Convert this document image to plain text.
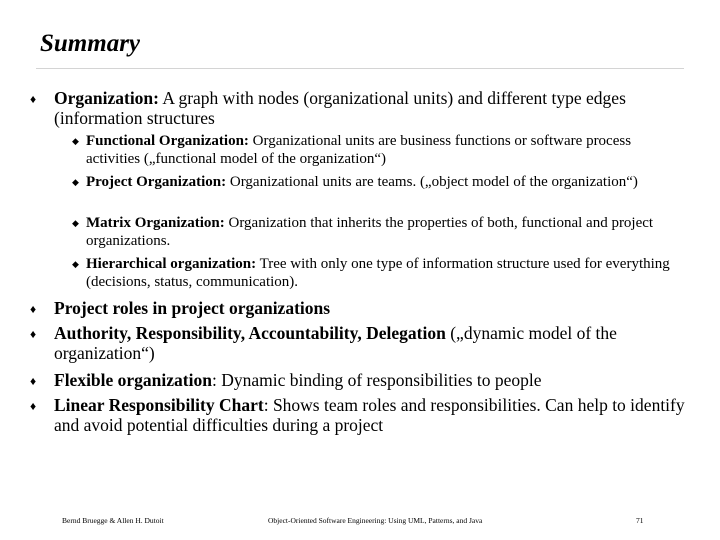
Summary
♦ Organization: A graph with nodes (organizational units) and different type edges (information structures
◆ Functional Organization: Organizational units are business functions or software process activities („functional model of the organization“)
◆ Project Organization: Organizational units are teams. („object model of the organization“)
◆ Matrix Organization: Organization that inherits the properties of both, functional and project organizations.
◆ Hierarchical organization: Tree with only one type of information structure used for everything (decisions, status, communication).
♦ Project roles in project organizations
♦ Authority, Responsibility, Accountability, Delegation („dynamic model of the organization“)
♦ Flexible organization: Dynamic binding of responsibilities to people
♦ Linear Responsibility Chart: Shows team roles and responsibilities. Can help to identify and avoid potential difficulties during a project
Bernd Bruegge & Allen H. Dutoit	Object-Oriented Software Engineering: Using UML, Patterns, and Java	71
